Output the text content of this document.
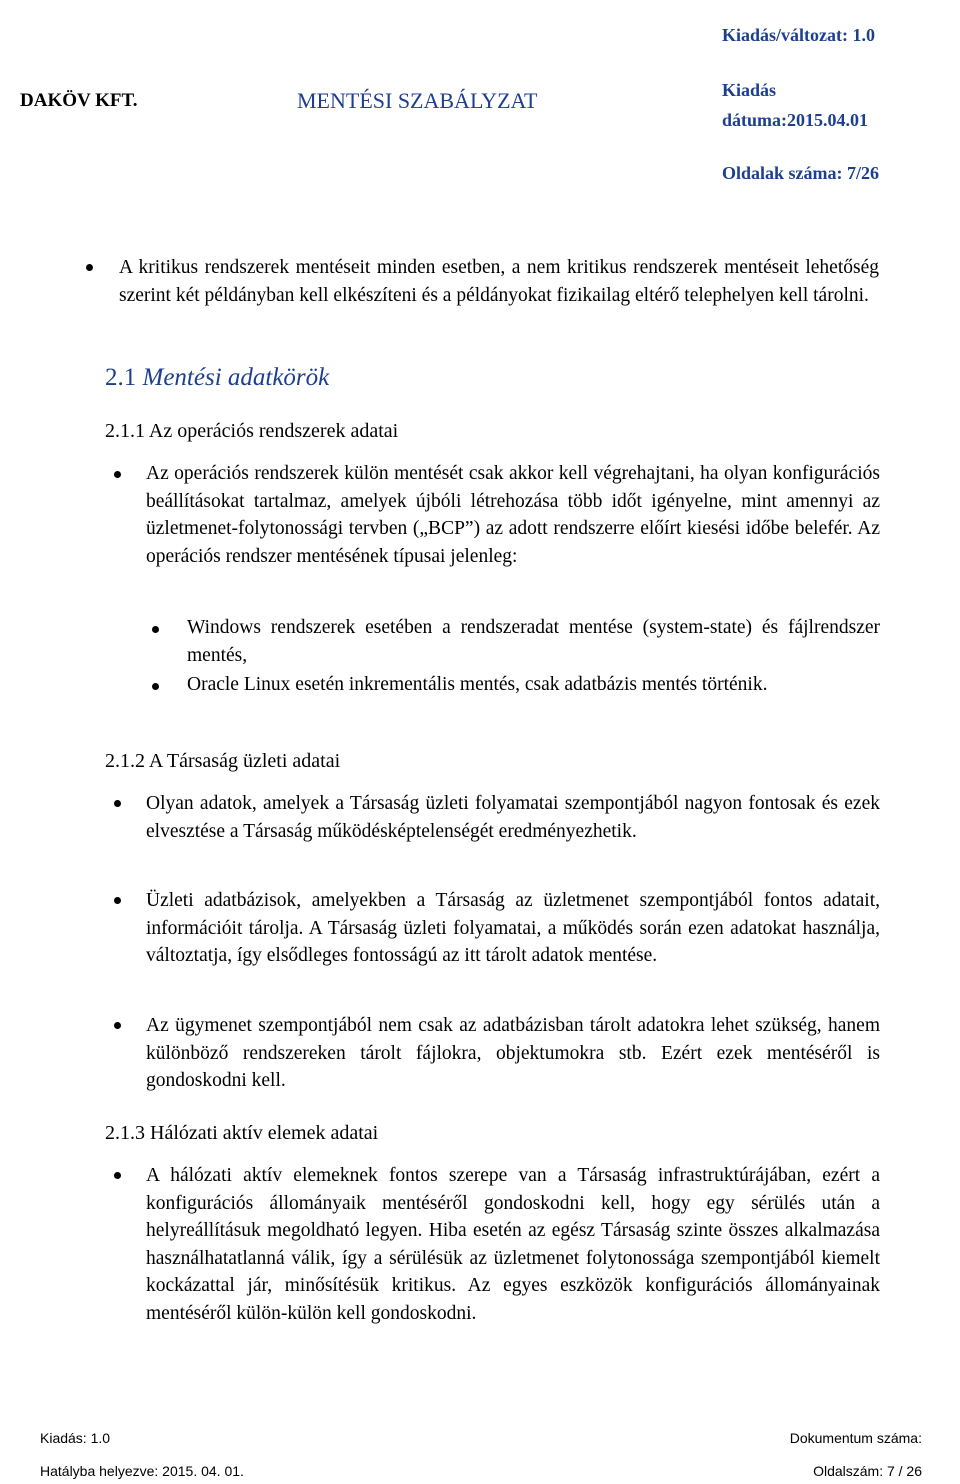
DAKÖV KFT.	MENTÉSI SZABÁLYZAT
Kiadás/változat: 1.0
Kiadás
dátuma:2015.04.01
Oldalak száma: 7/26
A kritikus rendszerek mentéseit minden esetben, a nem kritikus rendszerek mentéseit lehetőség szerint két példányban kell elkészíteni és a példányokat fizikailag eltérő telephelyen kell tárolni.
2.1 Mentési adatkörök
2.1.1 Az operációs rendszerek adatai
Az operációs rendszerek külön mentését csak akkor kell végrehajtani, ha olyan konfigurációs beállításokat tartalmaz, amelyek újbóli létrehozása több időt igényelne, mint amennyi az üzletmenet-folytonossági tervben („BCP”) az adott rendszerre előírt kiesési időbe belefér. Az operációs rendszer mentésének típusai jelenleg:
Windows rendszerek esetében a rendszeradat mentése (system-state) és fájlrendszer mentés,
Oracle Linux esetén inkrementális mentés, csak adatbázis mentés történik.
2.1.2 A Társaság üzleti adatai
Olyan adatok, amelyek a Társaság üzleti folyamatai szempontjából nagyon fontosak és ezek elvesztése a Társaság működésképtelenségét eredményezhetik.
Üzleti adatbázisok, amelyekben a Társaság az üzletmenet szempontjából fontos adatait, információit tárolja. A Társaság üzleti folyamatai, a működés során ezen adatokat használja, változtatja, így elsődleges fontosságú az itt tárolt adatok mentése.
Az ügymenet szempontjából nem csak az adatbázisban tárolt adatokra lehet szükség, hanem különböző rendszereken tárolt fájlokra, objektumokra stb. Ezért ezek mentéséről is gondoskodni kell.
2.1.3 Hálózati aktív elemek adatai
A hálózati aktív elemeknek fontos szerepe van a Társaság infrastruktúrájában, ezért a konfigurációs állományaik mentéséről gondoskodni kell, hogy egy sérülés után a helyreállításuk megoldható legyen. Hiba esetén az egész Társaság szinte összes alkalmazása használhatatlanná válik, így a sérülésük az üzletmenet folytonossága szempontjából kiemelt kockázattal jár, minősítésük kritikus. Az egyes eszközök konfigurációs állományainak mentéséről külön-külön kell gondoskodni.
Kiadás: 1.0	Dokumentum száma:
Hatályba helyezve: 2015. 04. 01.	Oldalszám: 7 / 26
